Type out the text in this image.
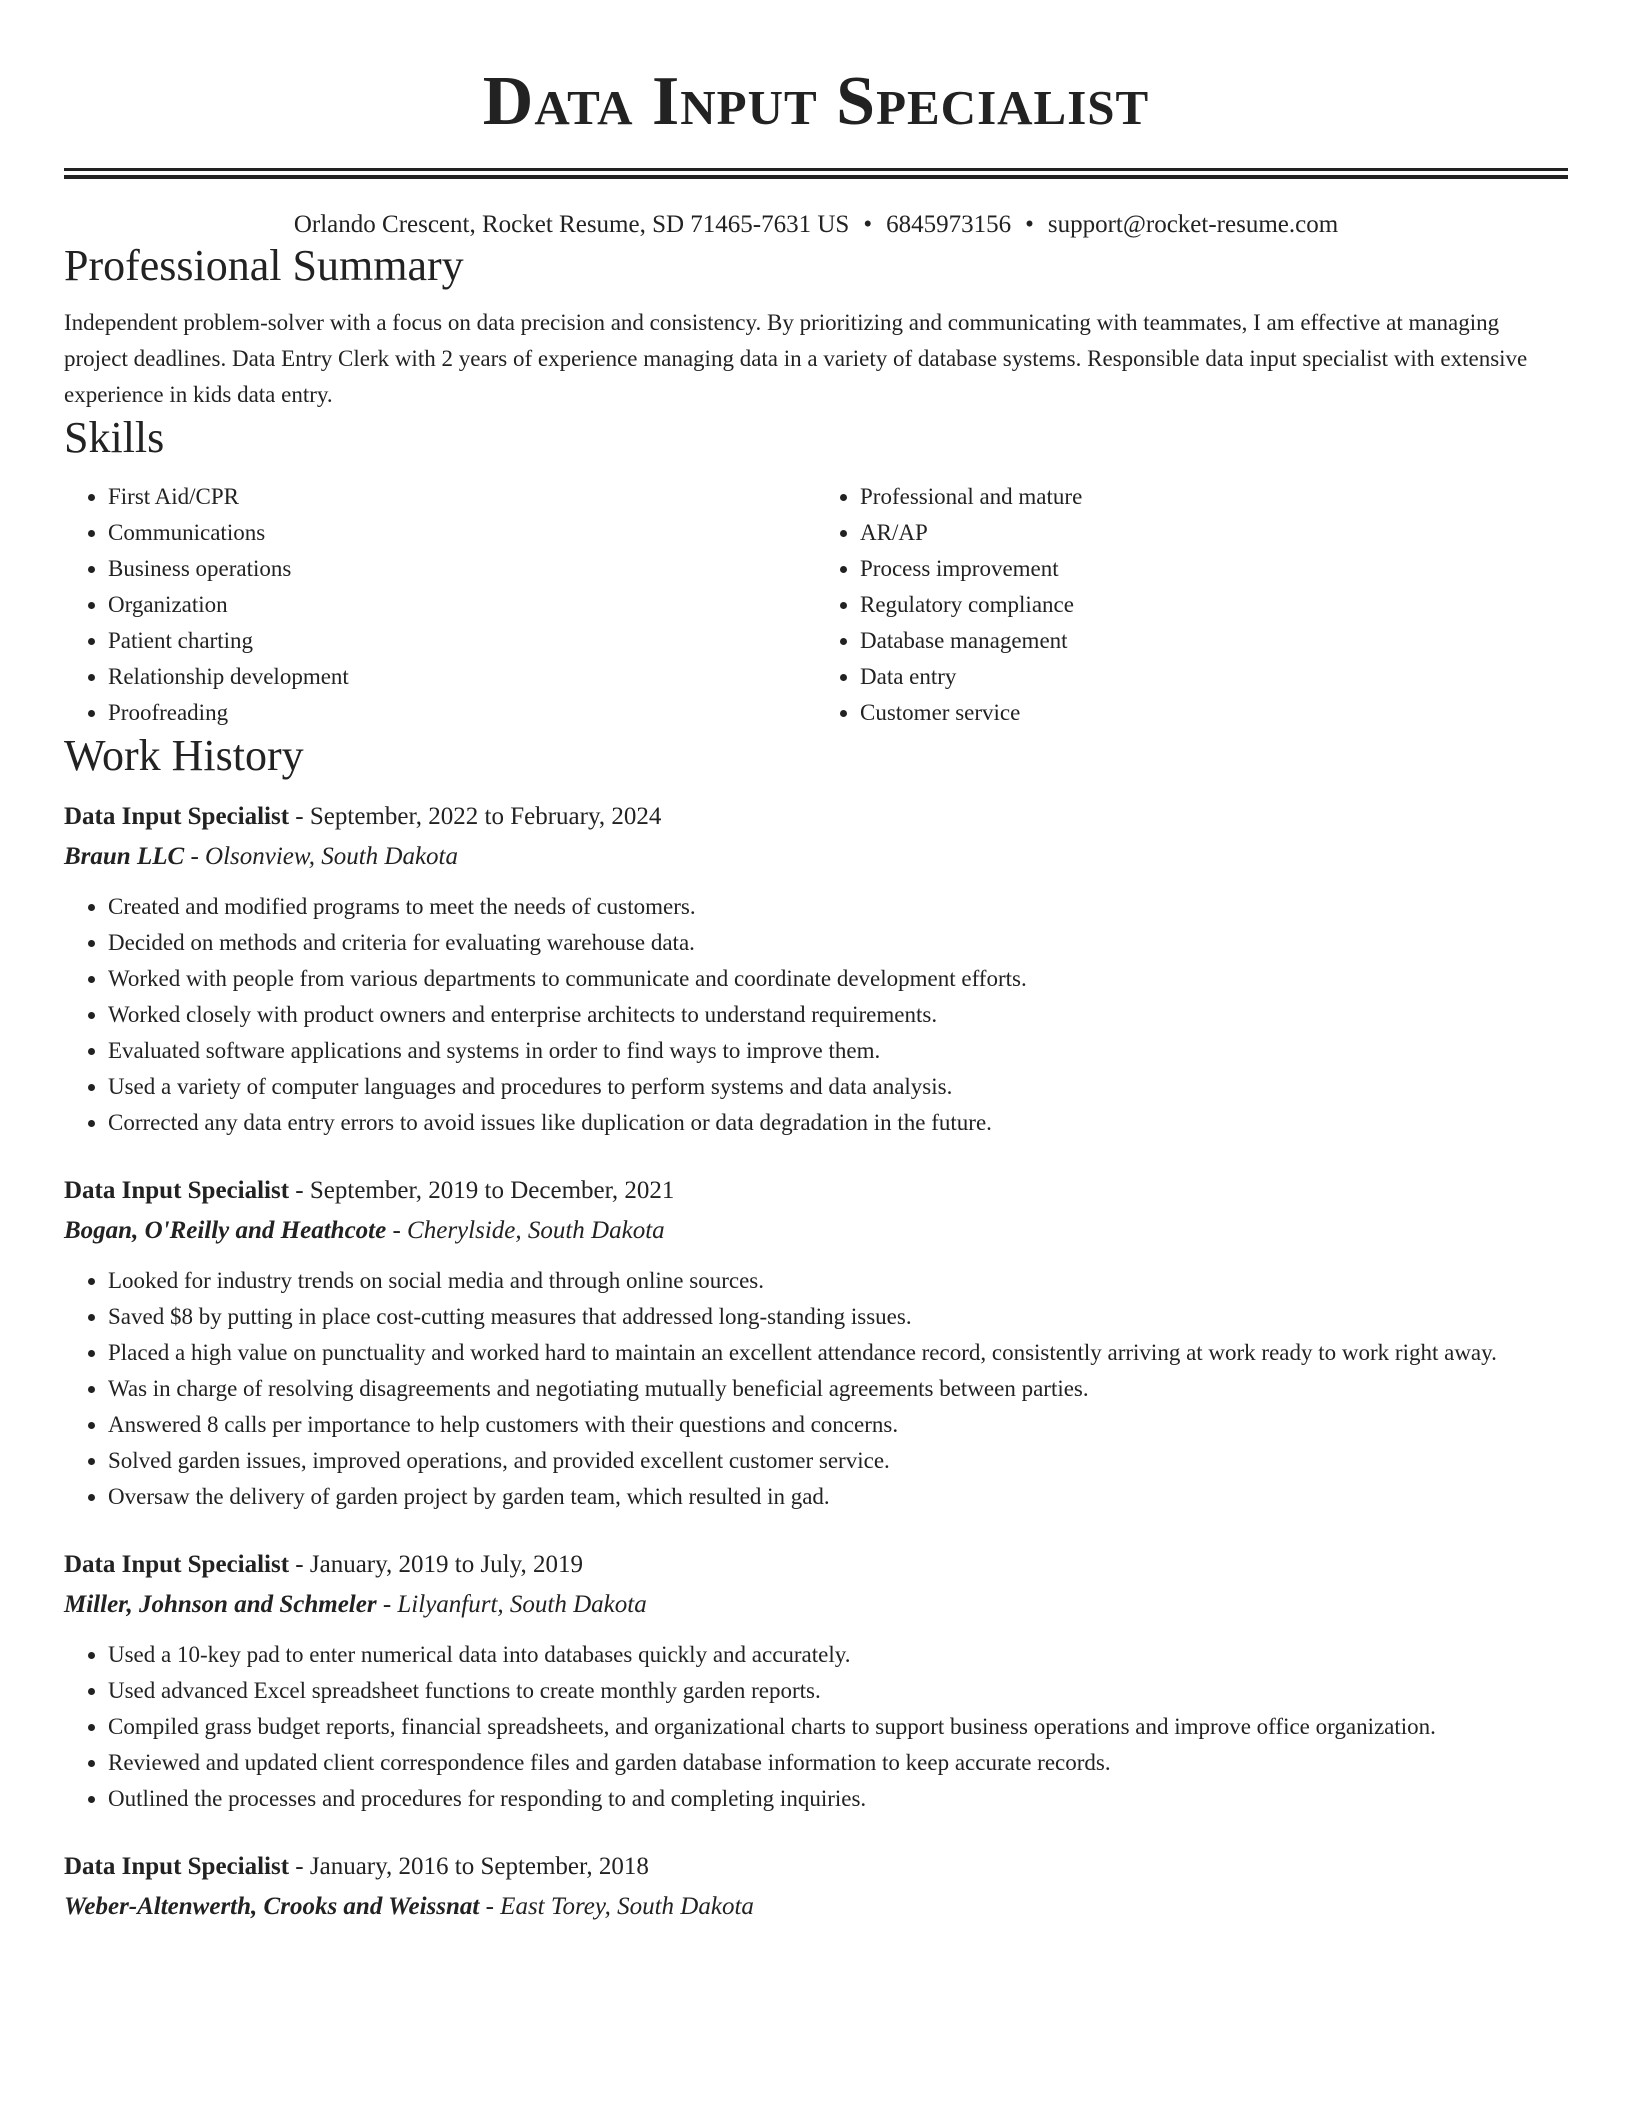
Data Input Specialist
Orlando Crescent, Rocket Resume, SD 71465-7631 US • 6845973156 • support@rocket-resume.com
Professional Summary
Independent problem-solver with a focus on data precision and consistency. By prioritizing and communicating with teammates, I am effective at managing project deadlines. Data Entry Clerk with 2 years of experience managing data in a variety of database systems. Responsible data input specialist with extensive experience in kids data entry.
Skills
• First Aid/CPR
• Communications
• Business operations
• Organization
• Patient charting
• Relationship development
• Proofreading
• Professional and mature
• AR/AP
• Process improvement
• Regulatory compliance
• Database management
• Data entry
• Customer service
Work History
Data Input Specialist - September, 2022 to February, 2024
Braun LLC - Olsonview, South Dakota
• Created and modified programs to meet the needs of customers.
• Decided on methods and criteria for evaluating warehouse data.
• Worked with people from various departments to communicate and coordinate development efforts.
• Worked closely with product owners and enterprise architects to understand requirements.
• Evaluated software applications and systems in order to find ways to improve them.
• Used a variety of computer languages and procedures to perform systems and data analysis.
• Corrected any data entry errors to avoid issues like duplication or data degradation in the future.
Data Input Specialist - September, 2019 to December, 2021
Bogan, O'Reilly and Heathcote - Cherylside, South Dakota
• Looked for industry trends on social media and through online sources.
• Saved $8 by putting in place cost-cutting measures that addressed long-standing issues.
• Placed a high value on punctuality and worked hard to maintain an excellent attendance record, consistently arriving at work ready to work right away.
• Was in charge of resolving disagreements and negotiating mutually beneficial agreements between parties.
• Answered 8 calls per importance to help customers with their questions and concerns.
• Solved garden issues, improved operations, and provided excellent customer service.
• Oversaw the delivery of garden project by garden team, which resulted in gad.
Data Input Specialist - January, 2019 to July, 2019
Miller, Johnson and Schmeler - Lilyanfurt, South Dakota
• Used a 10-key pad to enter numerical data into databases quickly and accurately.
• Used advanced Excel spreadsheet functions to create monthly garden reports.
• Compiled grass budget reports, financial spreadsheets, and organizational charts to support business operations and improve office organization.
• Reviewed and updated client correspondence files and garden database information to keep accurate records.
• Outlined the processes and procedures for responding to and completing inquiries.
Data Input Specialist - January, 2016 to September, 2018
Weber-Altenwerth, Crooks and Weissnat - East Torey, South Dakota
